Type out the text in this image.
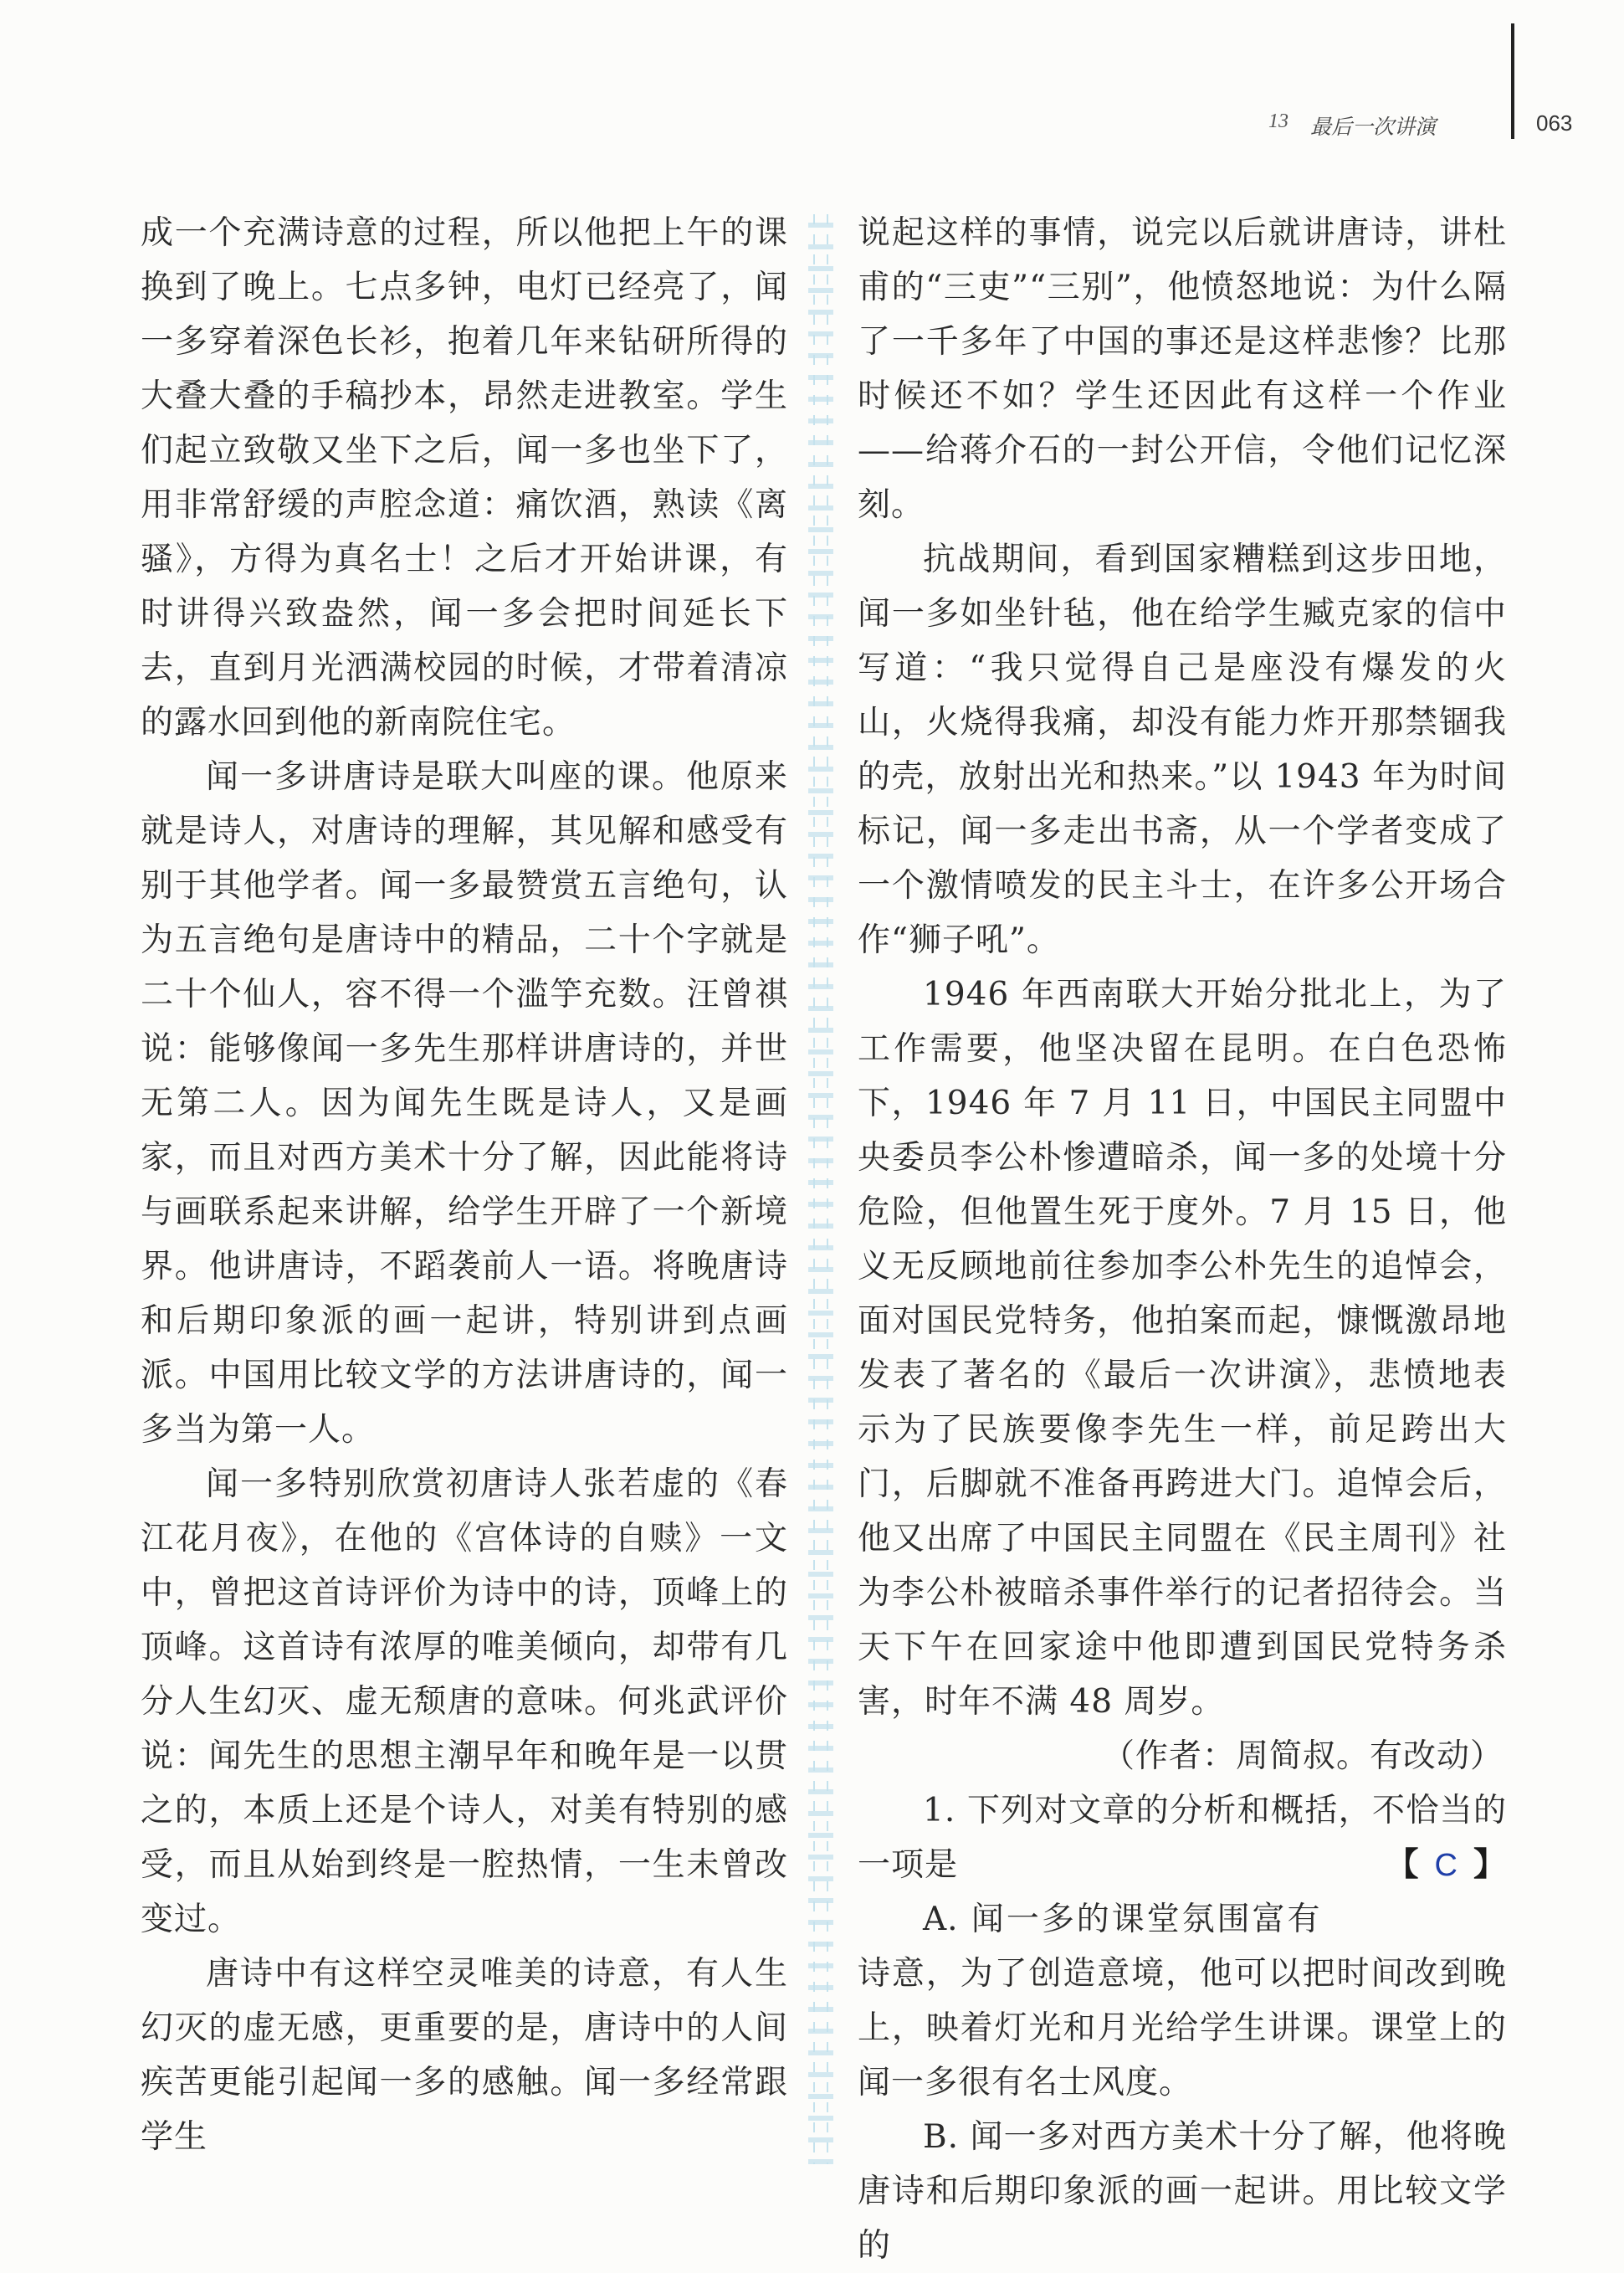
13 最后一次讲演	063

成一个充满诗意的过程，所以他把上午的课换到了晚上。七点多钟，电灯已经亮了，闻一多穿着深色长衫，抱着几年来钻研所得的大叠大叠的手稿抄本，昂然走进教室。学生们起立致敬又坐下之后，闻一多也坐下了，用非常舒缓的声腔念道：痛饮酒，熟读《离骚》，方得为真名士！之后才开始讲课，有时讲得兴致盎然，闻一多会把时间延长下去，直到月光洒满校园的时候，才带着清凉的露水回到他的新南院住宅。

闻一多讲唐诗是联大叫座的课。他原来就是诗人，对唐诗的理解，其见解和感受有别于其他学者。闻一多最赞赏五言绝句，认为五言绝句是唐诗中的精品，二十个字就是二十个仙人，容不得一个滥竽充数。汪曾祺说：能够像闻一多先生那样讲唐诗的，并世无第二人。因为闻先生既是诗人，又是画家，而且对西方美术十分了解，因此能将诗与画联系起来讲解，给学生开辟了一个新境界。他讲唐诗，不蹈袭前人一语。将晚唐诗和后期印象派的画一起讲，特别讲到点画派。中国用比较文学的方法讲唐诗的，闻一多当为第一人。

闻一多特别欣赏初唐诗人张若虚的《春江花月夜》，在他的《宫体诗的自赎》一文中，曾把这首诗评价为诗中的诗，顶峰上的顶峰。这首诗有浓厚的唯美倾向，却带有几分人生幻灭、虚无颓唐的意味。何兆武评价说：闻先生的思想主潮早年和晚年是一以贯之的，本质上还是个诗人，对美有特别的感受，而且从始到终是一腔热情，一生未曾改变过。

唐诗中有这样空灵唯美的诗意，有人生幻灭的虚无感，更重要的是，唐诗中的人间疾苦更能引起闻一多的感触。闻一多经常跟学生

说起这样的事情，说完以后就讲唐诗，讲杜甫的“三吏”“三别”，他愤怒地说：为什么隔了一千多年了中国的事还是这样悲惨？比那时候还不如？学生还因此有这样一个作业——给蒋介石的一封公开信，令他们记忆深刻。

抗战期间，看到国家糟糕到这步田地，闻一多如坐针毡，他在给学生臧克家的信中写道：“我只觉得自己是座没有爆发的火山，火烧得我痛，却没有能力炸开那禁锢我的壳，放射出光和热来。”以 1943 年为时间标记，闻一多走出书斋，从一个学者变成了一个激情喷发的民主斗士，在许多公开场合作“狮子吼”。

1946 年西南联大开始分批北上，为了工作需要，他坚决留在昆明。在白色恐怖下，1946 年 7 月 11 日，中国民主同盟中央委员李公朴惨遭暗杀，闻一多的处境十分危险，但他置生死于度外。7 月 15 日，他义无反顾地前往参加李公朴先生的追悼会，面对国民党特务，他拍案而起，慷慨激昂地发表了著名的《最后一次讲演》，悲愤地表示为了民族要像李先生一样，前足跨出大门，后脚就不准备再跨进大门。追悼会后，他又出席了中国民主同盟在《民主周刊》社为李公朴被暗杀事件举行的记者招待会。当天下午在回家途中他即遭到国民党特务杀害，时年不满 48 周岁。

（作者：周简叔。有改动）

1. 下列对文章的分析和概括，不恰当的一项是	【 C 】

A. 闻一多的课堂氛围富有诗意，为了创造意境，他可以把时间改到晚上，映着灯光和月光给学生讲课。课堂上的闻一多很有名士风度。

B. 闻一多对西方美术十分了解，他将晚唐诗和后期印象派的画一起讲。用比较文学的
